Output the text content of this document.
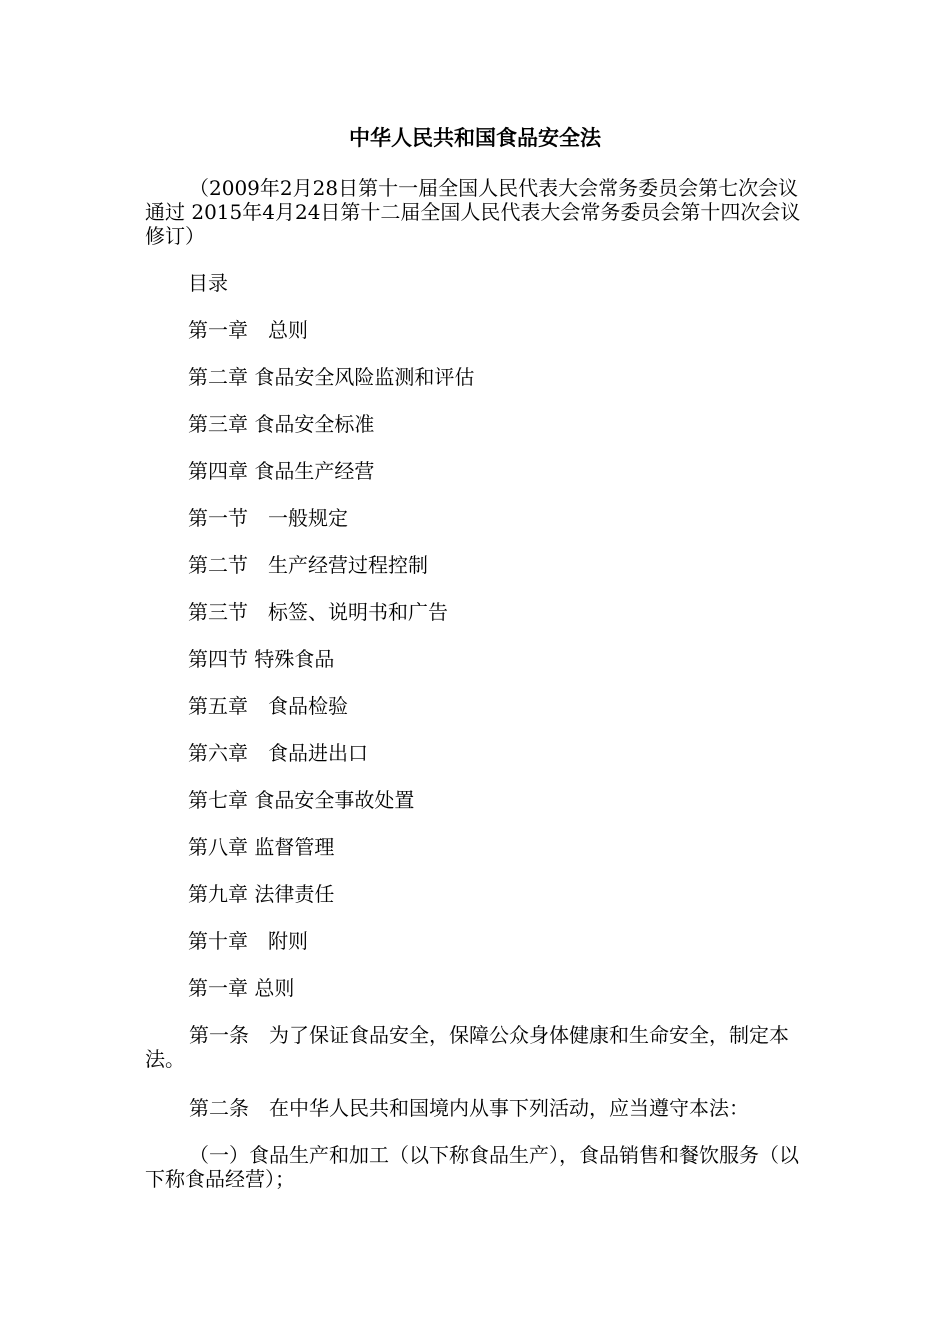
中华人民共和国食品安全法
（2009年2月28日第十一届全国人民代表大会常务委员会第七次会议通过 2015年4月24日第十二届全国人民代表大会常务委员会第十四次会议修订）
目录
第一章　总则
第二章 食品安全风险监测和评估
第三章 食品安全标准
第四章 食品生产经营
第一节　一般规定
第二节　生产经营过程控制
第三节　标签、说明书和广告
第四节 特殊食品
第五章　食品检验
第六章　食品进出口
第七章 食品安全事故处置
第八章 监督管理
第九章 法律责任
第十章　附则
第一章 总则
第一条　为了保证食品安全，保障公众身体健康和生命安全，制定本法。
第二条　在中华人民共和国境内从事下列活动，应当遵守本法：
（一）食品生产和加工（以下称食品生产），食品销售和餐饮服务（以下称食品经营）；
